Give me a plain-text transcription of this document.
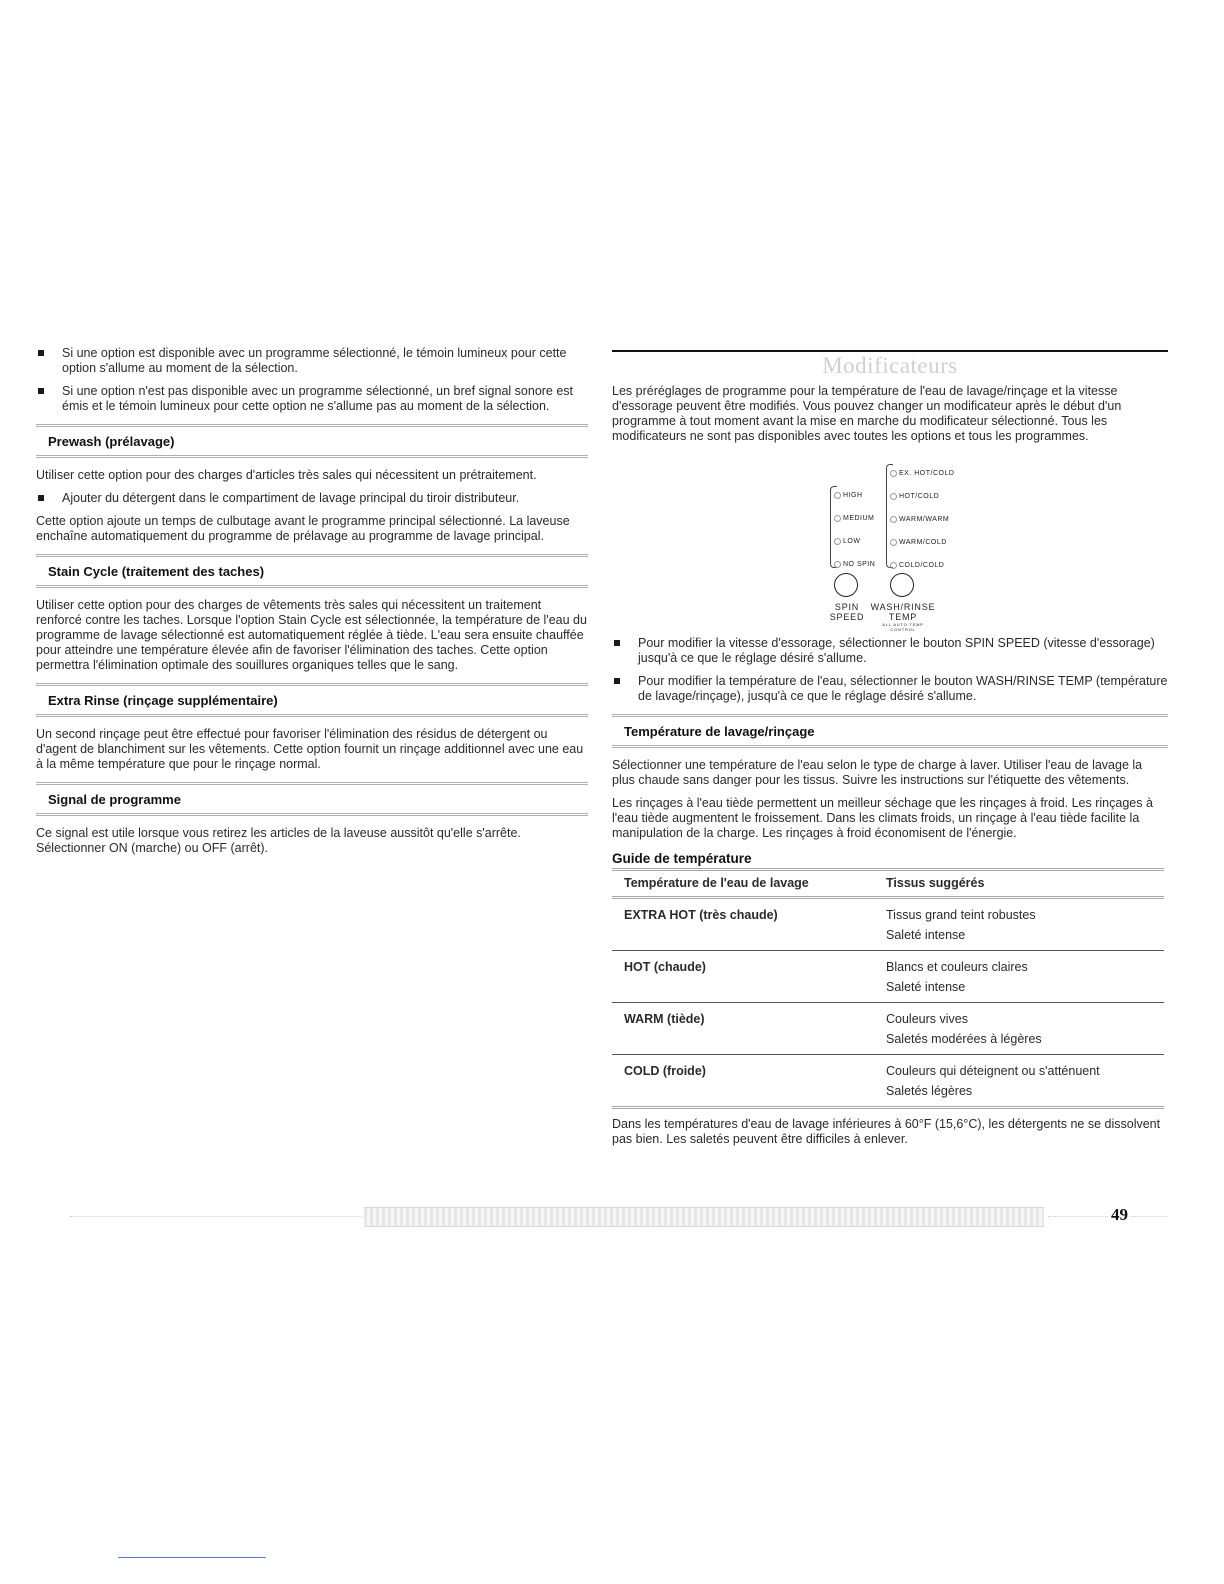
Si une option est disponible avec un programme sélectionné, le témoin lumineux pour cette option s'allume au moment de la sélection.
Si une option n'est pas disponible avec un programme sélectionné, un bref signal sonore est émis et le témoin lumineux pour cette option ne s'allume pas au moment de la sélection.
Prewash (prélavage)

Utiliser cette option pour des charges d'articles très sales qui nécessitent un prétraitement.

Ajouter du détergent dans le compartiment de lavage principal du tiroir distributeur.

Cette option ajoute un temps de culbutage avant le programme principal sélectionné. La laveuse enchaîne automatiquement du programme de prélavage au programme de lavage principal.

Stain Cycle (traitement des taches)

Utiliser cette option pour des charges de vêtements très sales qui nécessitent un traitement renforcé contre les taches. Lorsque l'option Stain Cycle est sélectionnée, la température de l'eau du programme de lavage sélectionné est automatiquement réglée à tiède. L'eau sera ensuite chauffée pour atteindre une température élevée afin de favoriser l'élimination des taches. Cette option permettra l'élimination optimale des souillures organiques telles que le sang.

Extra Rinse (rinçage supplémentaire)

Un second rinçage peut être effectué pour favoriser l'élimination des résidus de détergent ou d'agent de blanchiment sur les vêtements. Cette option fournit un rinçage additionnel avec une eau à la même température que pour le rinçage normal.

Signal de programme

Ce signal est utile lorsque vous retirez les articles de la laveuse aussitôt qu'elle s'arrête. Sélectionner ON (marche) ou OFF (arrêt).

Modificateurs

Les préréglages de programme pour la température de l'eau de lavage/rinçage et la vitesse d'essorage peuvent être modifiés. Vous pouvez changer un modificateur après le début d'un programme à tout moment avant la mise en marche du modificateur sélectionné. Tous les modificateurs ne sont pas disponibles avec toutes les options et tous les programmes.

HIGH
MEDIUM
LOW
NO SPIN
EX. HOT/COLD
HOT/COLD
WARM/WARM
WARM/COLD
COLD/COLD
SPIN
SPEED
WASH/RINSE
TEMP
ALL AUTO TEMP
CONTROL
Pour modifier la vitesse d'essorage, sélectionner le bouton SPIN SPEED (vitesse d'essorage) jusqu'à ce que le réglage désiré s'allume.
Pour modifier la température de l'eau, sélectionner le bouton WASH/RINSE TEMP (température de lavage/rinçage), jusqu'à ce que le réglage désiré s'allume.
Température de lavage/rinçage

Sélectionner une température de l'eau selon le type de charge à laver. Utiliser l'eau de lavage la plus chaude sans danger pour les tissus. Suivre les instructions sur l'étiquette des vêtements.

Les rinçages à l'eau tiède permettent un meilleur séchage que les rinçages à froid. Les rinçages à l'eau tiède augmentent le froissement. Dans les climats froids, un rinçage à l'eau tiède facilite la manipulation de la charge. Les rinçages à froid économisent de l'énergie.

Guide de température
Température de l'eau de lavage	Tissus suggérés
EXTRA HOT (très chaude)	Tissus grand teint robustes
Saleté intense

HOT (chaude)	Blancs et couleurs claires
Saleté intense

WARM (tiède)	Couleurs vives
Saletés modérées à légères

COLD (froide)	Couleurs qui déteignent ou s'atténuent
Saletés légères

Dans les températures d'eau de lavage inférieures à 60°F (15,6°C), les détergents ne se dissolvent pas bien. Les saletés peuvent être difficiles à enlever.

49
